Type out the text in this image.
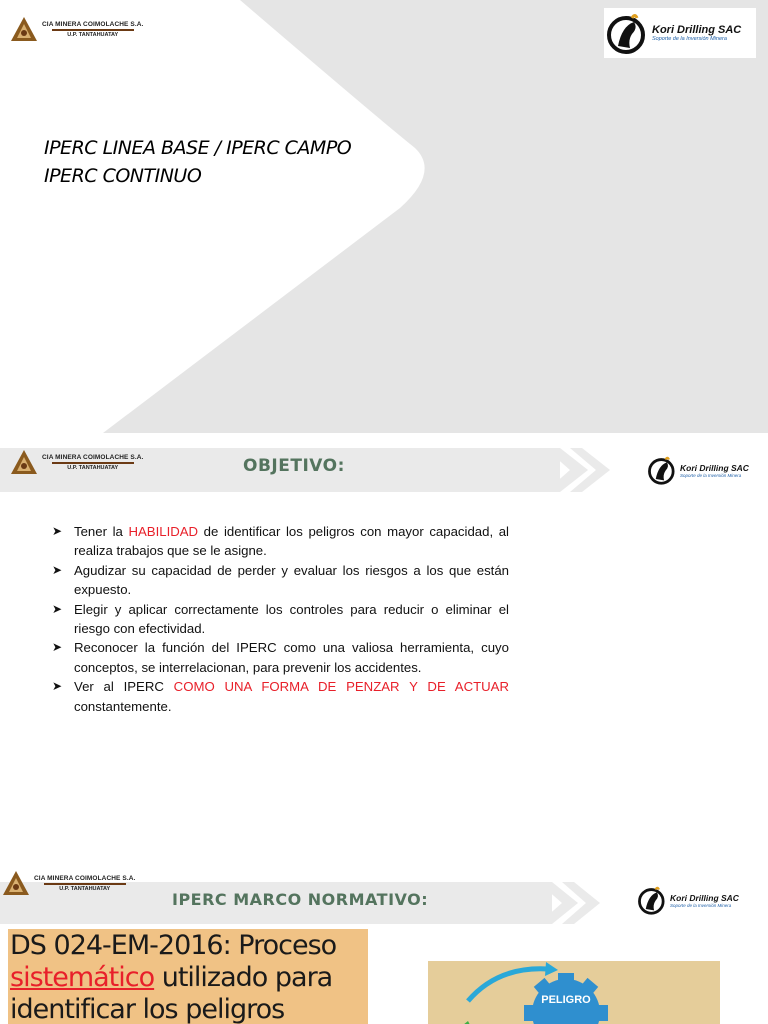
CIA MINERA COIMOLACHE S.A.
U.P. TANTAHUATAY	Kori Drilling SAC
Soporte de la Inversión Minera
IPERC LINEA BASE / IPERC CAMPO
IPERC CONTINUO
CIA MINERA COIMOLACHE S.A.
U.P. TANTAHUATAY	OBJETIVO:	Kori Drilling SAC
Soporte de la Inversión Minera
➤ Tener la HABILIDAD de identificar los peligros con mayor capacidad, al realiza trabajos que se le asigne.
➤ Agudizar su capacidad de perder y evaluar los riesgos a los que están expuesto.
➤ Elegir y aplicar correctamente los controles para reducir o eliminar el riesgo con efectividad.
➤ Reconocer la función del IPERC como una valiosa herramienta, cuyo conceptos, se interrelacionan, para prevenir los accidentes.
➤ Ver al IPERC COMO UNA FORMA DE PENZAR Y DE ACTUAR constantemente.
CIA MINERA COIMOLACHE S.A.
U.P. TANTAHUATAY
IPERC MARCO NORMATIVO:	Kori Drilling SAC
Soporte de la Inversión Minera
DS 024-EM-2016: Proceso
sistemático utilizado para
identificar los peligros	PELIGRO
